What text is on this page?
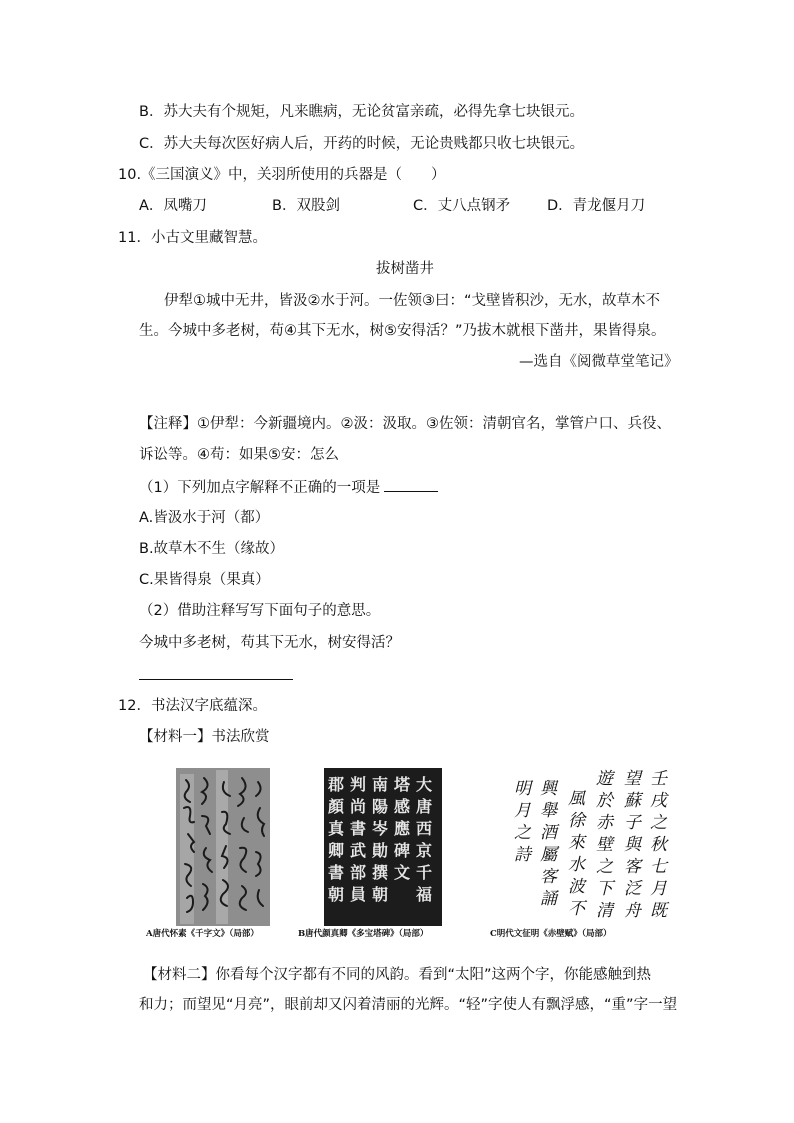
B．苏大夫有个规矩，凡来瞧病，无论贫富亲疏，必得先拿七块银元。
C．苏大夫每次医好病人后，开药的时候，无论贵贱都只收七块银元。
10.《三国演义》中，关羽所使用的兵器是（　　）
A．凤嘴刀	B．双股剑	C．丈八点钢矛	D．青龙偃月刀
11．小古文里藏智慧。
拔树凿井
伊犁①城中无井，皆汲②水于河。一佐领③曰：“戈壁皆积沙，无水，故草木不
生。今城中多老树，苟④其下无水，树⑤安得活？”乃拔木就根下凿井，果皆得泉。
—选自《阅微草堂笔记》
【注释】①伊犁：今新疆境内。②汲：汲取。③佐领：清朝官名，掌管户口、兵役、
诉讼等。④苟：如果⑤安：怎么
（1）下列加点字解释不正确的一项是
A.皆汲水于河（都）
B.故草木不生（缘故）
C.果皆得泉（果真）
（2）借助注释写写下面句子的意思。
今城中多老树，苟其下无水，树安得活？
12．书法汉字底蕴深。
【材料一】书法欣赏
大
唐
西
京
千
福
塔
感
應
碑
文
南
陽
岑
勛
撰
朝
判
尚
書
武
部
員
郡
顏
真
卿
書
朝
壬
戌
之
秋
七
月
既
望
蘇
子
與
客
泛
舟
遊
於
赤
壁
之
下
清
風
徐
來
水
波
不
興
舉
酒
屬
客
誦
明
月
之
詩
A唐代怀素《千字文》（局部）	B唐代颜真卿《多宝塔碑》（局部）	C明代文征明《赤壁赋》（局部）
【材料二】你看每个汉字都有不同的风韵。看到“太阳”这两个字，你能感触到热
和力；而望见“月亮”，眼前却又闪着清丽的光辉。“轻”字使人有飘浮感，“重”字一望
